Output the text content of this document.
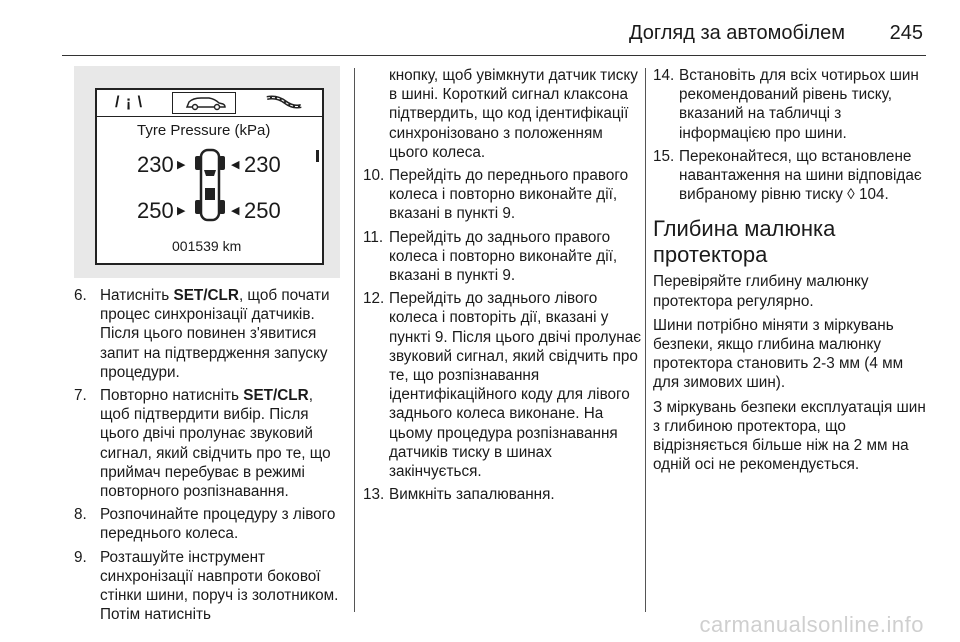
Догляд за автомобілем 245
/ ¡ \
Tyre Pressure (kPa)
230 ▶	230
◀
250 ▶	250
◀
001539 km
6. Натисніть SET/CLR, щоб почати процес синхронізації датчиків. Після цього повинен з'явитися запит на підтвердження запуску процедури.
7. Повторно натисніть SET/CLR, щоб підтвердити вибір. Після цього двічі пролунає звуковий сигнал, який свідчить про те, що приймач перебуває в режимі повторного розпізнавання.
8. Розпочинайте процедуру з лівого переднього колеса.
9. Розташуйте інструмент синхронізації навпроти бокової стінки шини, поруч із золотником. Потім натисніть
кнопку, щоб увімкнути датчик тиску в шині. Короткий сигнал клаксона підтвердить, що код ідентифікації синхронізовано з положенням цього колеса.
10. Перейдіть до переднього правого колеса і повторно виконайте дії, вказані в пункті 9.
11. Перейдіть до заднього правого колеса і повторно виконайте дії, вказані в пункті 9.
12. Перейдіть до заднього лівого колеса і повторіть дії, вказані у пункті 9. Після цього двічі пролунає звуковий сигнал, який свідчить про те, що розпізнавання ідентифікаційного коду для лівого заднього колеса виконане. На цьому процедура розпізнавання датчиків тиску в шинах закінчується.
13. Вимкніть запалювання.
14. Встановіть для всіх чотирьох шин рекомендований рівень тиску, вказаний на табличці з інформацією про шини.
15. Переконайтеся, що встановлене навантаження на шини відповідає вибраному рівню тиску ◊ 104.
Глибина малюнка протектора

Перевіряйте глибину малюнку протектора регулярно.

Шини потрібно міняти з міркувань безпеки, якщо глибина малюнку протектора становить 2-3 мм (4 мм для зимових шин).

З міркувань безпеки експлуатація шин з глибиною протектора, що відрізняється більше ніж на 2 мм на одній осі не рекомендується.

carmanualsonline.info
